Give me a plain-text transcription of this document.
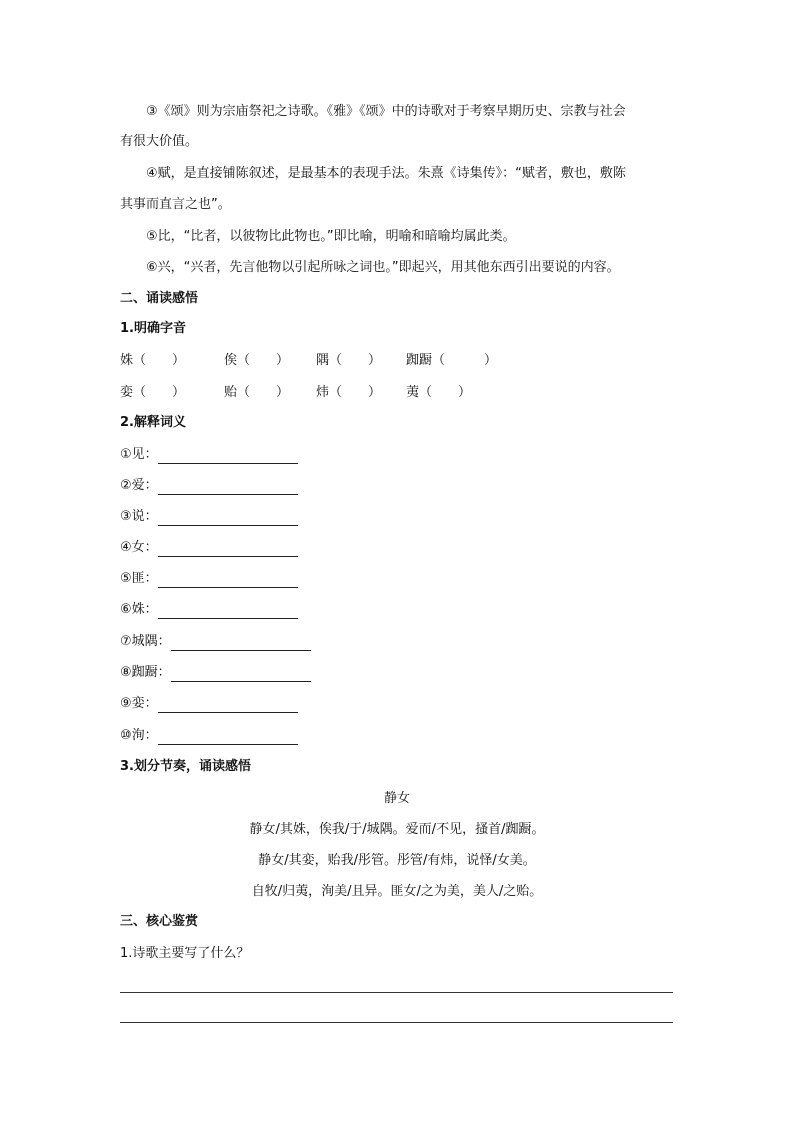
③《颂》则为宗庙祭祀之诗歌。《雅》《颂》中的诗歌对于考察早期历史、宗教与社会
有很大价值。
④赋，是直接铺陈叙述，是最基本的表现手法。朱熹《诗集传》：“赋者，敷也，敷陈
其事而直言之也”。
⑤比，“比者，以彼物比此物也。”即比喻，明喻和暗喻均属此类。
⑥兴，“兴者，先言他物以引起所咏之词也。”即起兴，用其他东西引出要说的内容。
二、诵读感悟
1.明确字音
姝（　　）	俟（　　） 隅（　　） 踟蹰（　　　）
娈（　　）	贻（　　） 炜（　　） 荑（　　）
2.解释词义
①见：
②爱：
③说：
④女：
⑤匪：
⑥姝：
⑦城隅：
⑧踟蹰：
⑨娈：
⑩洵：
3.划分节奏，诵读感悟
静女
静女/其姝，俟我/于/城隅。爱而/不见，搔首/踟蹰。
静女/其娈，贻我/彤管。彤管/有炜，说怿/女美。
自牧/归荑，洵美/且异。匪女/之为美，美人/之贻。
三、核心鉴赏
1.诗歌主要写了什么？
